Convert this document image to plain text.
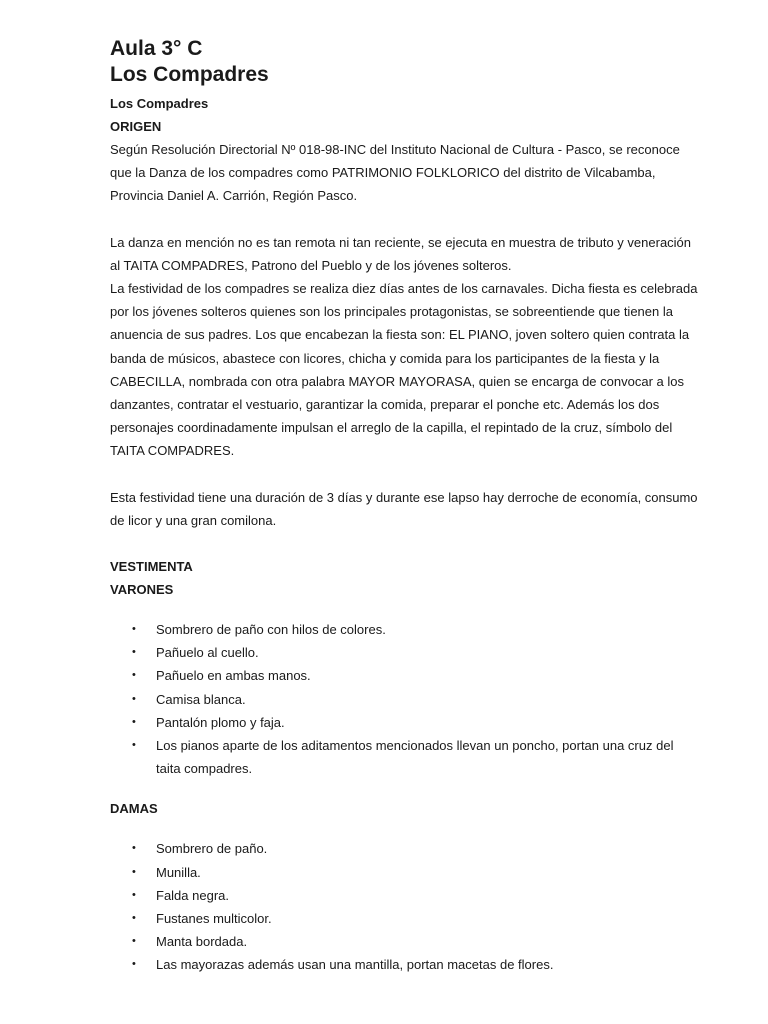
Aula 3° C
Los Compadres

Los Compadres

ORIGEN

Según Resolución Directorial Nº 018-98-INC del Instituto Nacional de Cultura - Pasco, se reconoce que la Danza de los compadres como PATRIMONIO FOLKLORICO del distrito de Vilcabamba, Provincia Daniel A. Carrión, Región Pasco.

La danza en mención no es tan remota ni tan reciente, se ejecuta en muestra de tributo y veneración al TAITA COMPADRES, Patrono del Pueblo y de los jóvenes solteros.

La festividad de los compadres se realiza diez días antes de los carnavales. Dicha fiesta es celebrada por los jóvenes solteros quienes son los principales protagonistas, se sobreentiende que tienen la anuencia de sus padres. Los que encabezan la fiesta son: EL PIANO, joven soltero quien contrata la banda de músicos, abastece con licores, chicha y comida para los participantes de la fiesta y la CABECILLA, nombrada con otra palabra MAYOR MAYORASA, quien se encarga de convocar a los danzantes, contratar el vestuario, garantizar la comida, preparar el ponche etc. Además los dos personajes coordinadamente impulsan el arreglo de la capilla, el repintado de la cruz, símbolo del TAITA COMPADRES.

Esta festividad tiene una duración de 3 días y durante ese lapso hay derroche de economía, consumo de licor y una gran comilona.

VESTIMENTA

VARONES

• Sombrero de paño con hilos de colores.
• Pañuelo al cuello.
• Pañuelo en ambas manos.
• Camisa blanca.
• Pantalón plomo y faja.
• Los pianos aparte de los aditamentos mencionados llevan un poncho, portan una cruz del taita compadres.

DAMAS

• Sombrero de paño.
• Munilla.
• Falda negra.
• Fustanes multicolor.
• Manta bordada.
• Las mayorazas además usan una mantilla, portan macetas de flores.
